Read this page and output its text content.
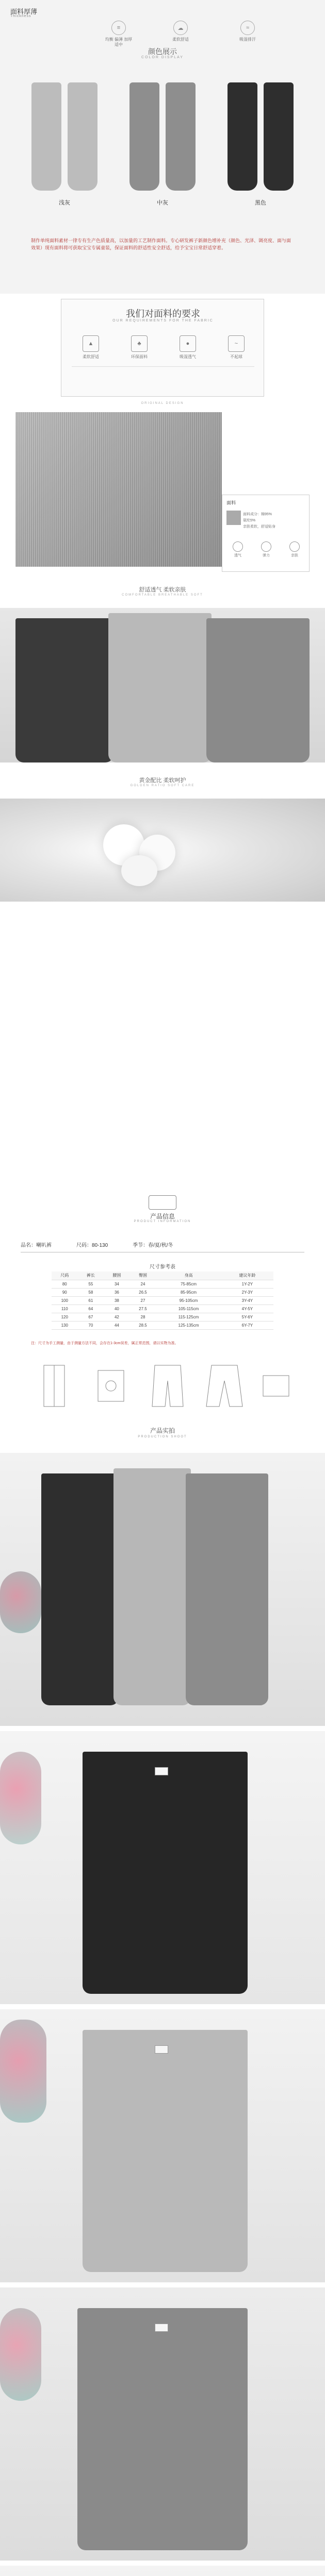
面料厚薄
Thickness
≡
均衡 偏薄 加厚 适中
☁
柔软舒适
≈
吸湿排汗
颜色展示
COLOR DISPLAY
浅灰	中灰	黑色

制作单纯面料素材一律专有生产色质量高，以加量的工艺制作面料。专心研发裤子新颜色增补充（颜色、光泽、调亮度、面与面效果）现有面料将可获取宝宝专属童装，保证面料的舒适性安全舒适，给予宝宝日常舒适穿着。

我们对面料的要求
OUR REQUIREMENTS FOR THE FABRIC
▲
柔软舒适
♣
环保面料
●
吸湿透气
~
不起球
ORIGINAL DESIGN
面料
面料成分：棉95%
氨纶5%
亲肤柔软，舒适贴身
透气	弹力	亲肤
舒适透气 柔软亲肤
COMFORTABLE BREATHABLE SOFT
黄金配比 柔软呵护
GOLDEN RATIO SOFT CARE
产品信息
PRODUCT INFORMATION
品名：喇叭裤	尺码：80-130	季节：春/夏/秋/冬
尺寸参考表
尺码	裤长	腰围	臀围	身高	建议年龄
80	55	34	24	75-85cm	1Y-2Y
90	58	36	26.5	85-95cm	2Y-3Y
100	61	38	27	95-105cm	3Y-4Y
110	64	40	27.5	105-115cm	4Y-5Y
120	67	42	28	115-125cm	5Y-6Y
130	70	44	28.5	125-135cm	6Y-7Y
注：尺寸为手工测量，由于测量方法不同，会存在1-3cm误差，属正常范围，请以实物为准。
产品实拍
PRODUCTION SHOOT
